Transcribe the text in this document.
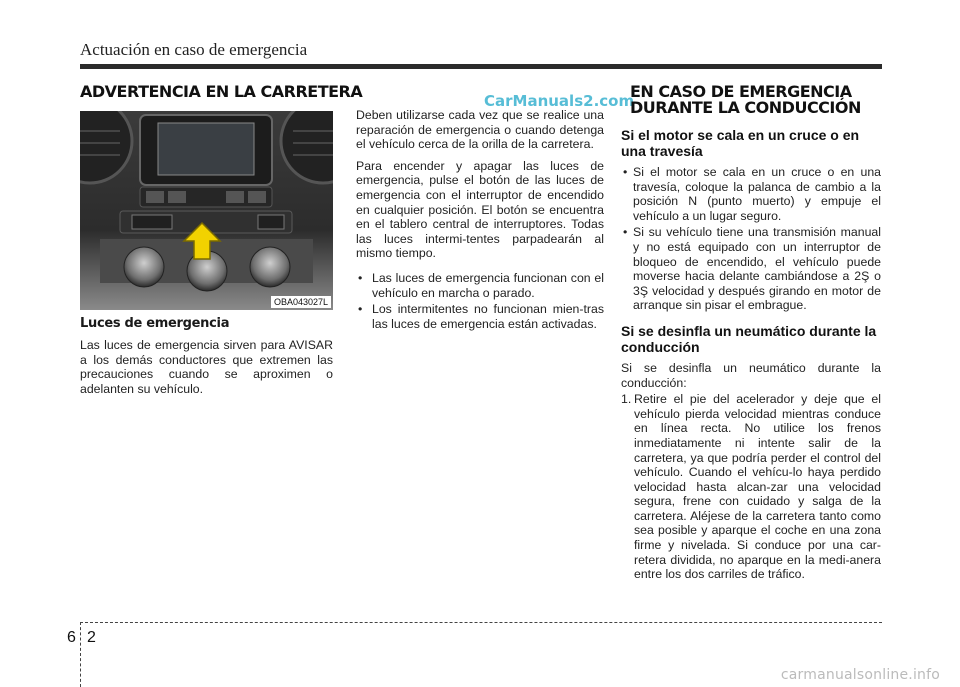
Actuación en caso de emergencia
ADVERTENCIA EN LA CARRETERA	CarManuals2.com
OBA043027L
Luces de emergencia

Las luces de emergencia sirven para AVISAR a los demás conductores que extremen las precauciones cuando se aproximen o adelanten su vehículo.

Deben utilizarse cada vez que se realice una reparación de emergencia o cuando detenga el vehículo cerca de la orilla de la carretera.

Para encender y apagar las luces de emergencia, pulse el botón de las luces de emergencia con el interruptor de encendido en cualquier posición. El botón se encuentra en el tablero central de interruptores. Todas las luces intermi-tentes parpadearán al mismo tiempo.

• Las luces de emergencia funcionan con el vehículo en marcha o parado.
• Los intermitentes no funcionan mien-tras las luces de emergencia están activadas.
EN CASO DE EMERGENCIA
DURANTE LA CONDUCCIÓN
Si el motor se cala en un cruce o en una travesía
• Si el motor se cala en un cruce o en una travesía, coloque la palanca de cambio a la posición N (punto muerto) y empuje el vehículo a un lugar seguro.
• Si su vehículo tiene una transmisión manual y no está equipado con un interruptor de bloqueo de encendido, el vehículo puede moverse hacia delante cambiándose a 2Ş o 3Ş velocidad y después girando en motor de arranque sin pisar el embrague.
Si se desinfla un neumático durante la conducción

Si se desinfla un neumático durante la conducción:

1. Retire el pie del acelerador y deje que el vehículo pierda velocidad mientras conduce en línea recta. No utilice los frenos inmediatamente ni intente salir de la carretera, ya que podría perder el control del vehículo. Cuando el vehícu-lo haya perdido velocidad hasta alcan-zar una velocidad segura, frene con cuidado y salga de la carretera. Aléjese de la carretera tanto como sea posible y aparque el coche en una zona firme y nivelada. Si conduce por una car-retera dividida, no aparque en la medi-anera entre los dos carriles de tráfico.
6 2
carmanualsonline.info
